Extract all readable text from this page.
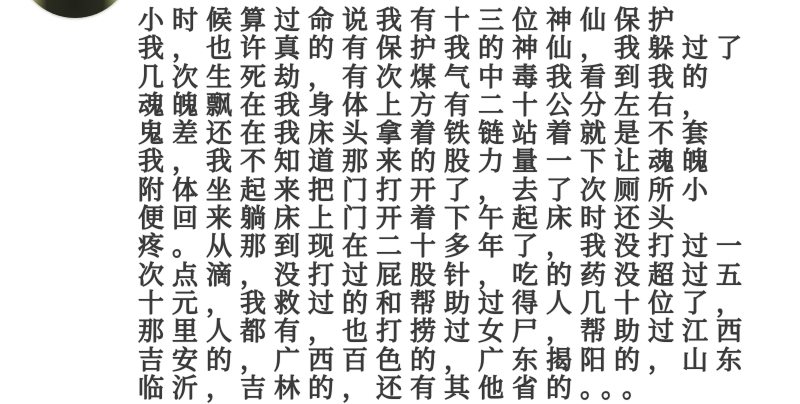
小时候算过命说我有十三位神仙保护
我，也许真的有保护我的神仙，我躲过了
几次生死劫，有次煤气中毒我看到我的
魂魄飘在我身体上方有二十公分左右，
鬼差还在我床头拿着铁链站着就是不套
我，我不知道那来的股力量一下让魂魄
附体坐起来把门打开了，去了次厕所小
便回来躺床上门开着下午起床时还头
疼。从那到现在二十多年了，我没打过一
次点滴，没打过屁股针，吃的药没超过五
十元，我救过的和帮助过得人几十位了，
那里人都有，也打捞过女尸，帮助过江西
吉安的，广西百色的，广东揭阳的，山东
临沂，吉林的，还有其他省的。。。
